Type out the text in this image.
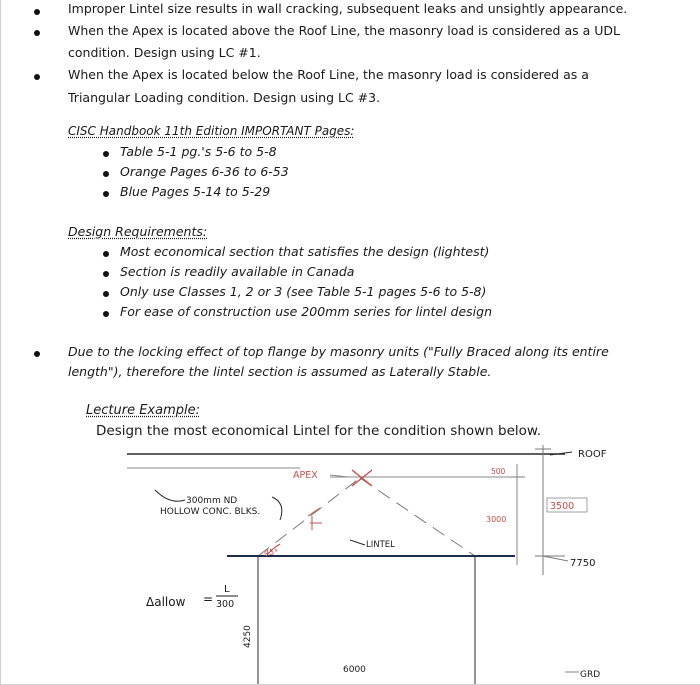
Improper Lintel size results in wall cracking, subsequent leaks and unsightly appearance.
When the Apex is located above the Roof Line, the masonry load is considered as a UDL
condition. Design using LC #1.
When the Apex is located below the Roof Line, the masonry load is considered as a
Triangular Loading condition. Design using LC #3.
CISC Handbook 11th Edition IMPORTANT Pages:
Table 5-1 pg.'s 5-6 to 5-8
Orange Pages 6-36 to 6-53
Blue Pages 5-14 to 5-29
Design Requirements:
Most economical section that satisfies the design (lightest)
Section is readily available in Canada
Only use Classes 1, 2 or 3 (see Table 5-1 pages 5-6 to 5-8)
For ease of construction use 200mm series for lintel design
Due to the locking effect of top flange by masonry units ("Fully Braced along its entire
length"), therefore the lintel section is assumed as Laterally Stable.
Lecture Example:
Design the most economical Lintel for the condition shown below.
ROOF
APEX	500
3000
3500
7750
300mm ND
HOLLOW CONC. BLKS.
LINTEL
45°
Δallow =
L
300
4250
6000	GRD
